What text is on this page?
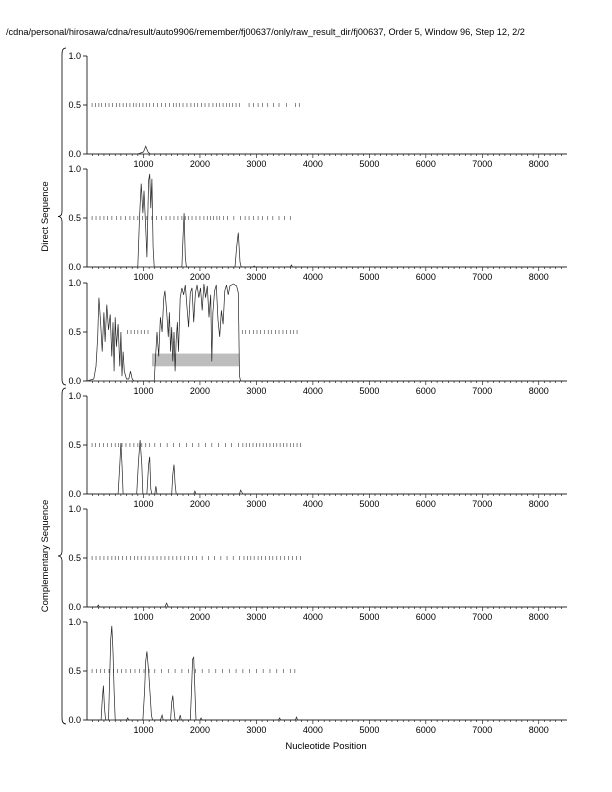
/cdna/personal/hirosawa/cdna/result/auto9906/remember/fj00637/only/raw_result_dir/fj00637, Order 5, Window 96, Step 12, 2/2
0.0
0.5
1.0
1000	2000	3000	4000	5000	6000	7000	8000
0.0
0.5
1.0
1000	2000	3000	4000	5000	6000	7000	8000
0.0
0.5
1.0
1000	2000	3000	4000	5000	6000	7000	8000
0.0
0.5
1.0
1000	2000	3000	4000	5000	6000	7000	8000
0.0
0.5
1.0
1000	2000	3000	4000	5000	6000	7000	8000
0.0
0.5
1.0
1000	2000	3000	4000	5000	6000	7000	8000
Direct Sequence
Complementary Sequence
Nucleotide Position
